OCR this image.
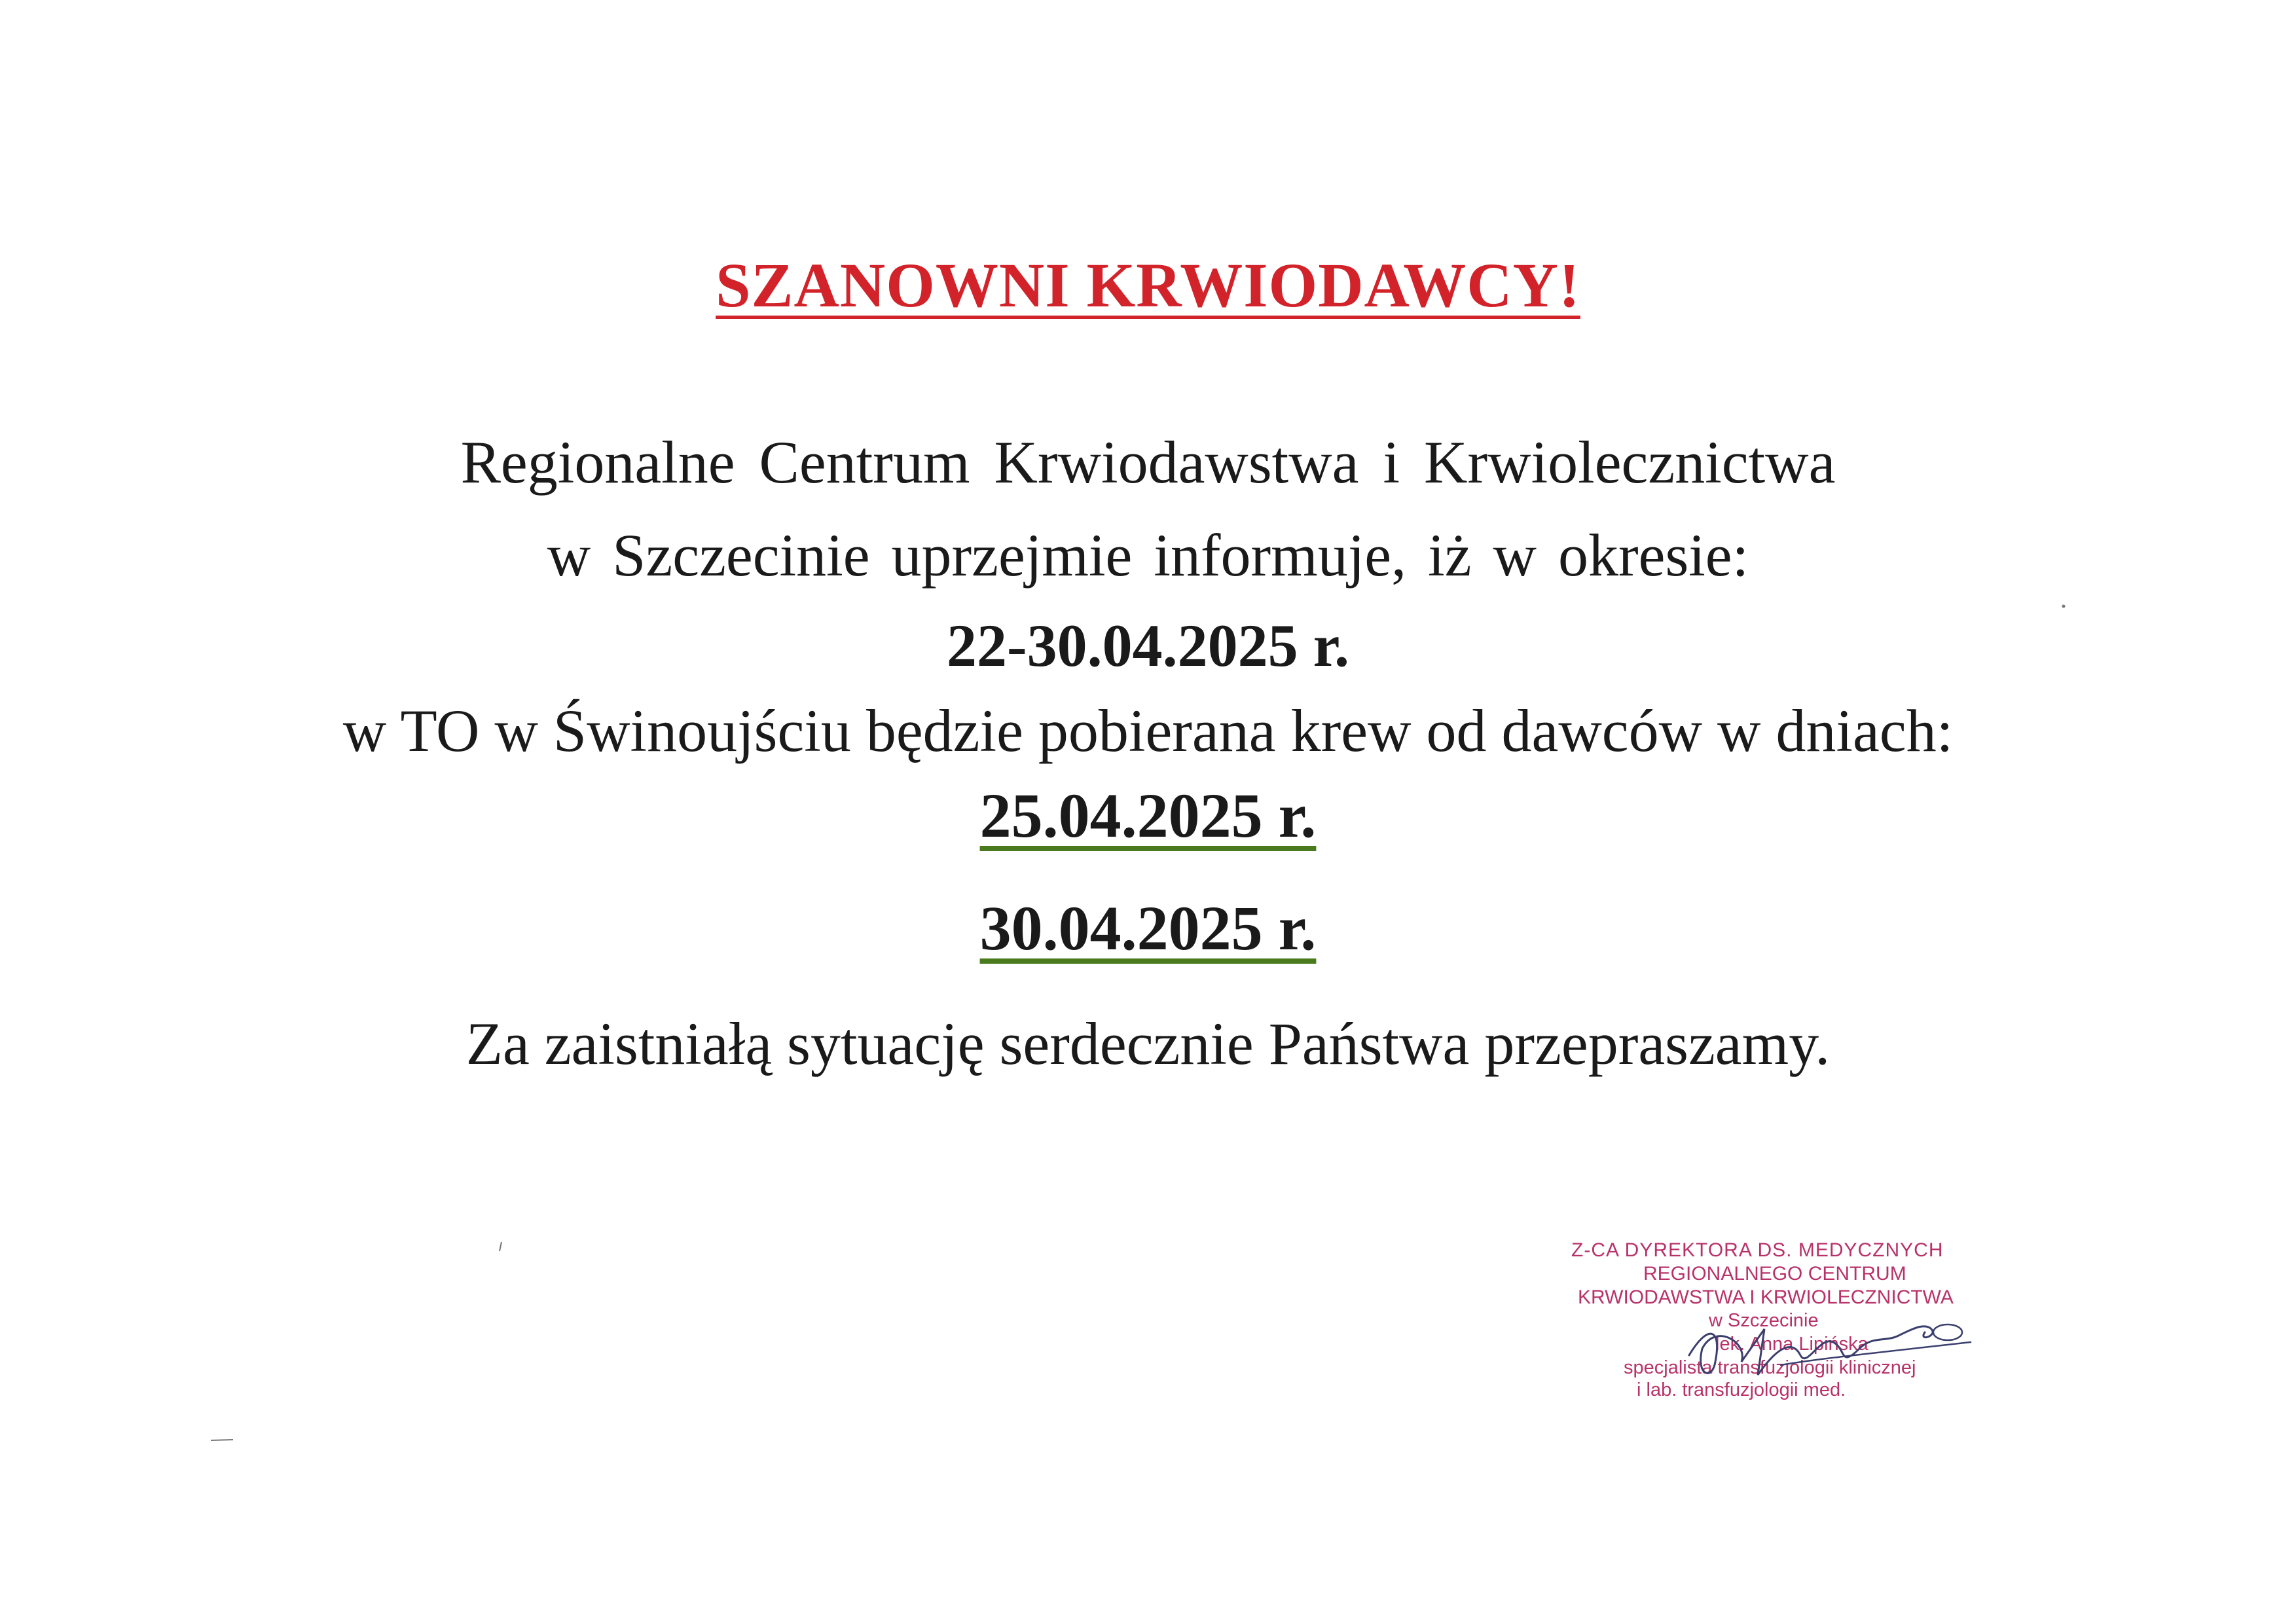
SZANOWNI KRWIODAWCY!
Regionalne Centrum Krwiodawstwa i Krwiolecznictwa
w Szczecinie uprzejmie informuje, iż w okresie:
22-30.04.2025 r.
w TO w Świnoujściu będzie pobierana krew od dawców w dniach:
25.04.2025 r.
30.04.2025 r.
Za zaistniałą sytuację serdecznie Państwa przepraszamy.
Z-CA DYREKTORA DS. MEDYCZNYCH
REGIONALNEGO CENTRUM
KRWIODAWSTWA I KRWIOLECZNICTWA
w Szczecinie
lek. Anna Lipińska
specjalista transfuzjologii klinicznej
i lab. transfuzjologii med.
